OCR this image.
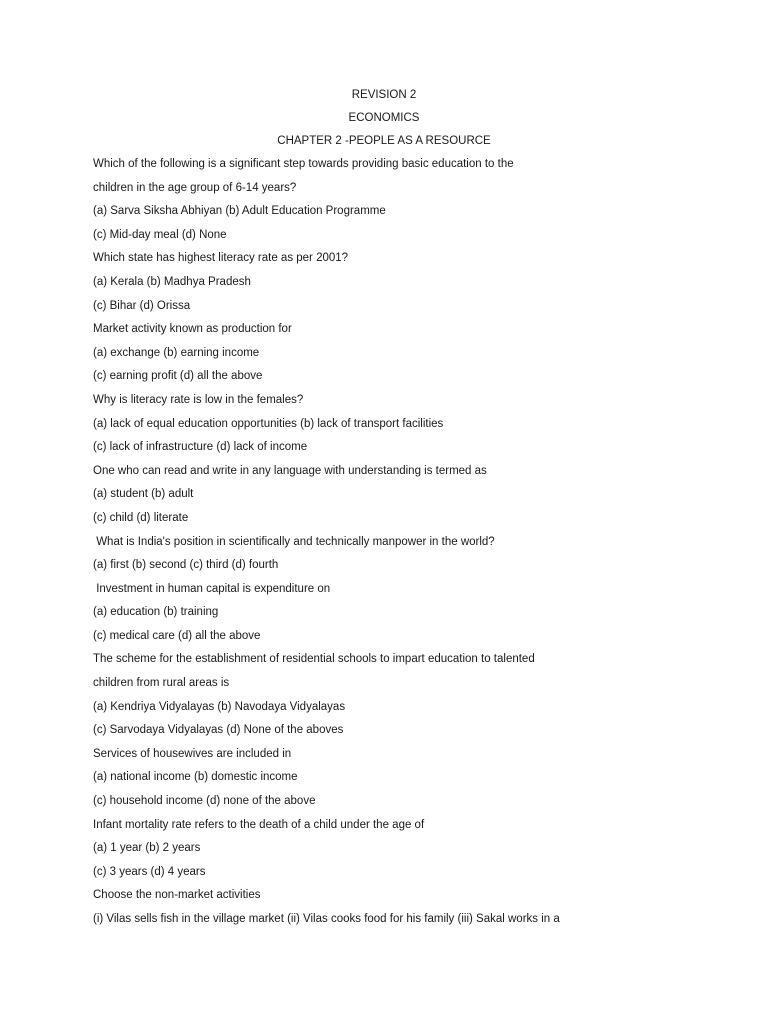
REVISION 2
ECONOMICS
CHAPTER 2 -PEOPLE AS A RESOURCE
Which of the following is a significant step towards providing basic education to the
children in the age group of 6-14 years?
(a) Sarva Siksha Abhiyan (b) Adult Education Programme
(c) Mid-day meal (d) None
Which state has highest literacy rate as per 2001?
(a) Kerala (b) Madhya Pradesh
(c) Bihar (d) Orissa
Market activity known as production for
(a) exchange (b) earning income
(c) earning profit (d) all the above
Why is literacy rate is low in the females?
(a) lack of equal education opportunities (b) lack of transport facilities
(c) lack of infrastructure (d) lack of income
One who can read and write in any language with understanding is termed as
(a) student (b) adult
(c) child (d) literate
What is India's position in scientifically and technically manpower in the world?
(a) first (b) second (c) third (d) fourth
Investment in human capital is expenditure on
(a) education (b) training
(c) medical care (d) all the above
The scheme for the establishment of residential schools to impart education to talented
children from rural areas is
(a) Kendriya Vidyalayas (b) Navodaya Vidyalayas
(c) Sarvodaya Vidyalayas (d) None of the aboves
Services of housewives are included in
(a) national income (b) domestic income
(c) household income (d) none of the above
Infant mortality rate refers to the death of a child under the age of
(a) 1 year (b) 2 years
(c) 3 years (d) 4 years
Choose the non-market activities
(i) Vilas sells fish in the village market (ii) Vilas cooks food for his family (iii) Sakal works in a
